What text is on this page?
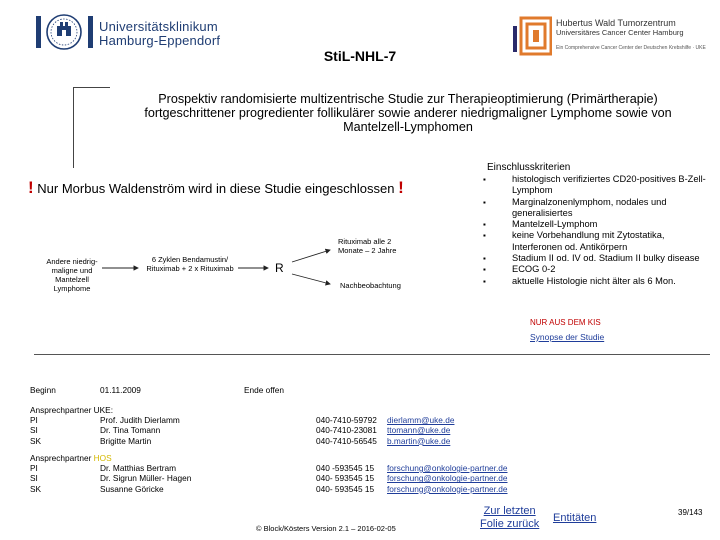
Universitätsklinikum
Hamburg-Eppendorf
Hubertus Wald Tumorzentrum
Universitäres Cancer Center Hamburg
Ein Comprehensive Cancer Center der Deutschen Krebshilfe · UKE
StiL-NHL-7
Prospektiv randomisierte multizentrische Studie zur Therapieoptimierung (Primärtherapie)
fortgeschrittener progredienter follikulärer sowie anderer niedrigmaligner Lymphome sowie von
Mantelzell-Lymphomen
! Nur Morbus Waldenström wird in diese Studie eingeschlossen !
Andere niedrig-
maligne und Mantelzell
Lymphome
6 Zyklen Bendamustin/
Rituximab + 2 x Rituximab	R
Rituximab alle 2
Monate – 2 Jahre
Nachbeobachtung
Einschlusskriterien
▪ histologisch verifiziertes CD20-positives B-Zell-Lymphom
▪ Marginalzonenlymphom, nodales und generalisiertes
▪ Mantelzell-Lymphom
▪ keine Vorbehandlung mit Zytostatika, Interferonen od. Antikörpern
▪ Stadium II od. IV od. Stadium II bulky disease
▪ ECOG 0-2
▪ aktuelle Histologie nicht älter als 6 Mon.
NUR AUS DEM KIS
Synopse der Studie
Beginn	01.11.2009	Ende offen
Ansprechpartner UKE:
PI	Prof. Judith Dierlamm	040-7410-59792 dierlamm@uke.de
SI	Dr. Tina Tomann	040-7410-23081 ttomann@uke.de
SK	Brigitte Martin	040-7410-56545 b.martin@uke.de
Ansprechpartner HOS
PI	Dr. Matthias Bertram	040 -593545 15 forschung@onkologie-partner.de
SI	Dr. Sigrun Müller- Hagen	040- 593545 15 forschung@onkologie-partner.de
SK	Susanne Göricke	040- 593545 15 forschung@onkologie-partner.de
Zur letzten
Folie zurück Entitäten	39/143
© Block/Kösters Version 2.1 – 2016-02-05
